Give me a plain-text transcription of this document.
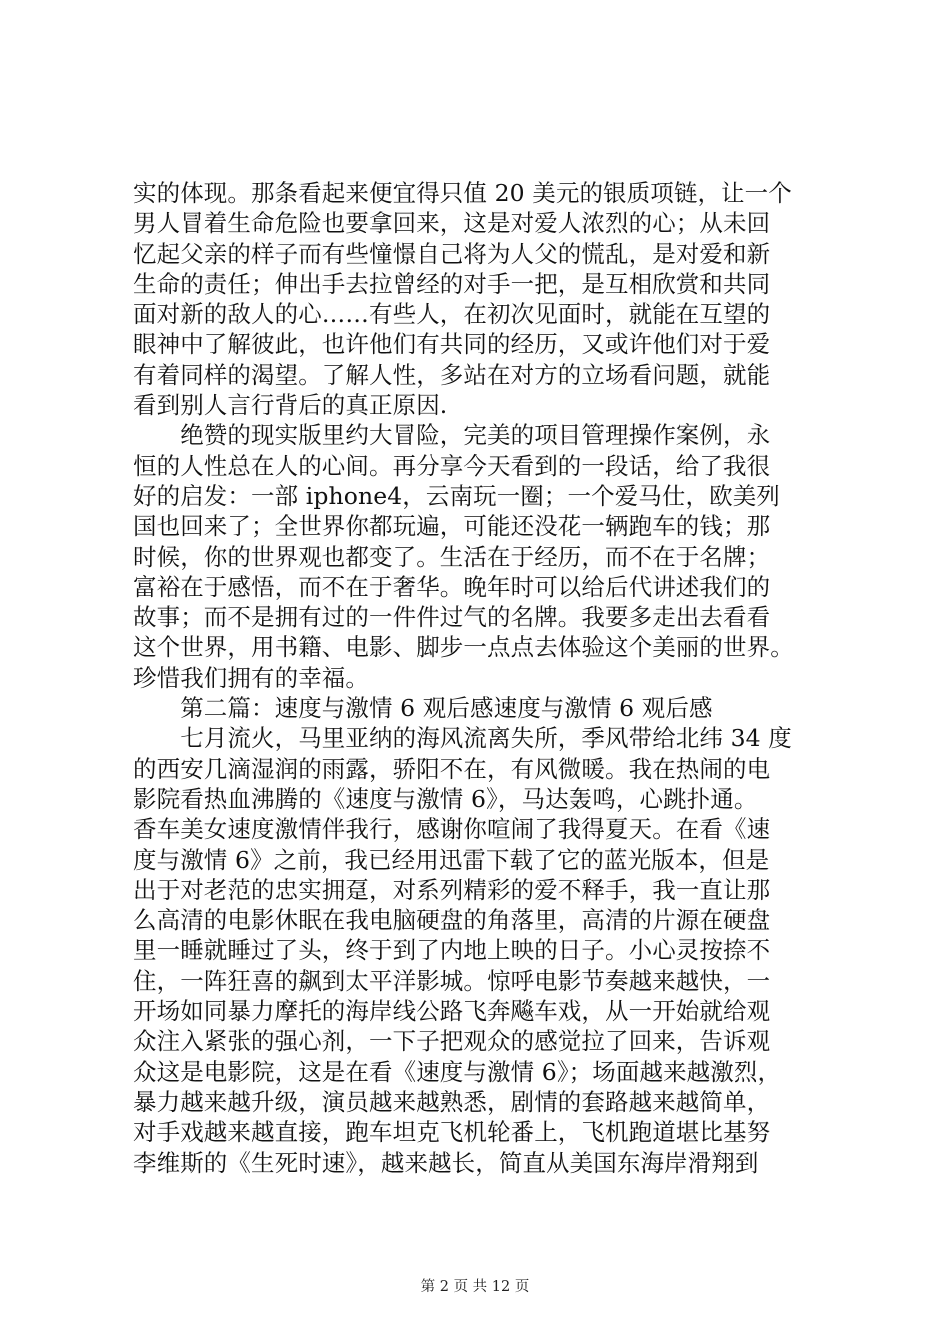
实的体现。那条看起来便宜得只值 20 美元的银质项链，让一个
男人冒着生命危险也要拿回来，这是对爱人浓烈的心；从未回
忆起父亲的样子而有些憧憬自己将为人父的慌乱，是对爱和新
生命的责任；伸出手去拉曾经的对手一把，是互相欣赏和共同
面对新的敌人的心……有些人，在初次见面时，就能在互望的
眼神中了解彼此，也许他们有共同的经历，又或许他们对于爱
有着同样的渴望。了解人性，多站在对方的立场看问题，就能
看到别人言行背后的真正原因.
　　绝赞的现实版里约大冒险，完美的项目管理操作案例，永
恒的人性总在人的心间。再分享今天看到的一段话，给了我很
好的启发：一部 iphone4，云南玩一圈；一个爱马仕，欧美列
国也回来了；全世界你都玩遍，可能还没花一辆跑车的钱；那
时候，你的世界观也都变了。生活在于经历，而不在于名牌；
富裕在于感悟，而不在于奢华。晚年时可以给后代讲述我们的
故事；而不是拥有过的一件件过气的名牌。我要多走出去看看
这个世界，用书籍、电影、脚步一点点去体验这个美丽的世界。
珍惜我们拥有的幸福。
　　第二篇：速度与激情 6 观后感速度与激情 6 观后感
　　七月流火，马里亚纳的海风流离失所，季风带给北纬 34 度
的西安几滴湿润的雨露，骄阳不在，有风微暖。我在热闹的电
影院看热血沸腾的《速度与激情 6》，马达轰鸣，心跳扑通。
香车美女速度激情伴我行，感谢你喧闹了我得夏天。在看《速
度与激情 6》之前，我已经用迅雷下载了它的蓝光版本，但是
出于对老范的忠实拥趸，对系列精彩的爱不释手，我一直让那
么高清的电影休眠在我电脑硬盘的角落里，高清的片源在硬盘
里一睡就睡过了头，终于到了内地上映的日子。小心灵按捺不
住，一阵狂喜的飙到太平洋影城。惊呼电影节奏越来越快，一
开场如同暴力摩托的海岸线公路飞奔飚车戏，从一开始就给观
众注入紧张的强心剂，一下子把观众的感觉拉了回来，告诉观
众这是电影院，这是在看《速度与激情 6》；场面越来越激烈，
暴力越来越升级，演员越来越熟悉，剧情的套路越来越简单，
对手戏越来越直接，跑车坦克飞机轮番上，飞机跑道堪比基努
李维斯的《生死时速》，越来越长，简直从美国东海岸滑翔到
第 2 页 共 12 页
